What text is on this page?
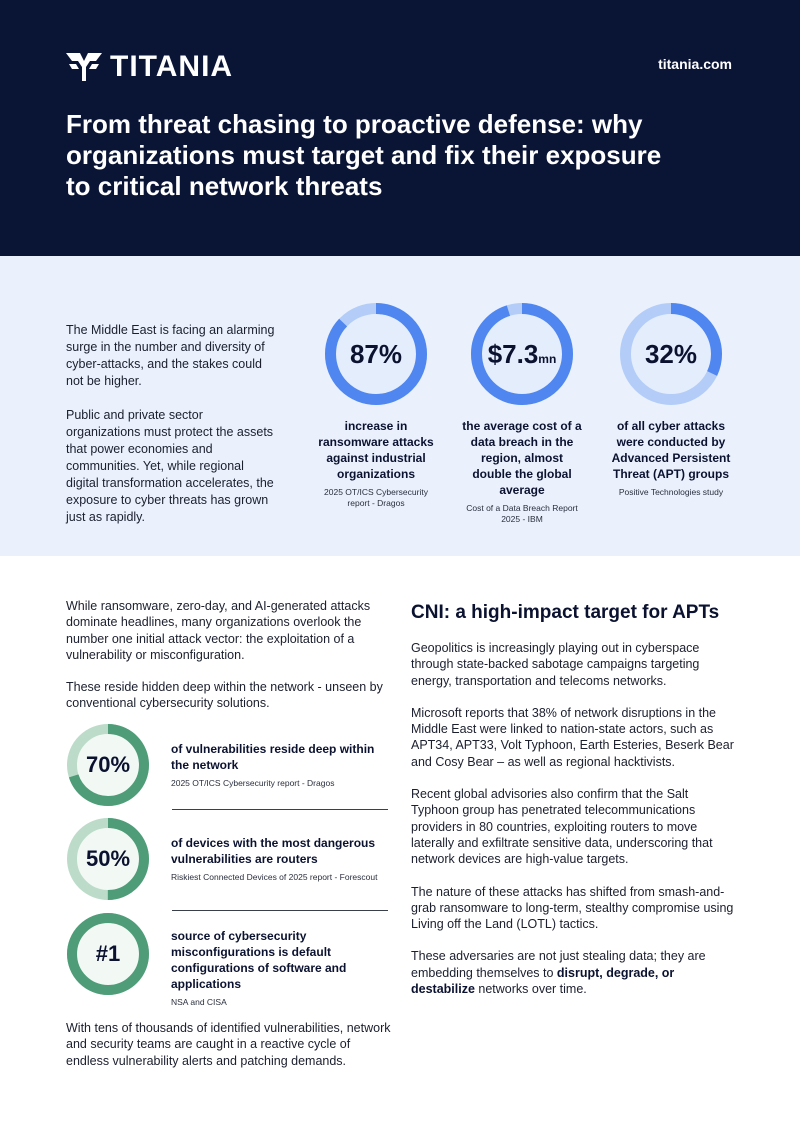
TITANIA	titania.com
From threat chasing to proactive defense: why organizations must target and fix their exposure to critical network threats

The Middle East is facing an alarming surge in the number and diversity of cyber-attacks, and the stakes could not be higher.

Public and private sector organizations must protect the assets that power economies and communities. Yet, while regional digital transformation accelerates, the exposure to cyber threats has grown just as rapidly.

87%
increase in ransomware attacks against industrial organizations
2025 OT/ICS Cybersecurity report - Dragos
$7.3 mn
the average cost of a data breach in the region, almost double the global average
Cost of a Data Breach Report 2025 - IBM
32%
of all cyber attacks were conducted by Advanced Persistent Threat (APT) groups
Positive Technologies study

While ransomware, zero-day, and AI-generated attacks dominate headlines, many organizations overlook the number one initial attack vector: the exploitation of a vulnerability or misconfiguration.

These reside hidden deep within the network - unseen by conventional cybersecurity solutions.

70%
of vulnerabilities reside deep within the network
2025 OT/ICS Cybersecurity report - Dragos
50%
of devices with the most dangerous vulnerabilities are routers
Riskiest Connected Devices of 2025 report - Forescout
#1
source of cybersecurity misconfigurations is default configurations of software and applications
NSA and CISA

With tens of thousands of identified vulnerabilities, network and security teams are caught in a reactive cycle of endless vulnerability alerts and patching demands.

CNI: a high-impact target for APTs

Geopolitics is increasingly playing out in cyberspace through state-backed sabotage campaigns targeting energy, transportation and telecoms networks.

Microsoft reports that 38% of network disruptions in the Middle East were linked to nation-state actors, such as APT34, APT33, Volt Typhoon, Earth Esteries, Beserk Bear and Cosy Bear – as well as regional hacktivists.

Recent global advisories also confirm that the Salt Typhoon group has penetrated telecommunications providers in 80 countries, exploiting routers to move laterally and exfiltrate sensitive data, underscoring that network devices are high-value targets.

The nature of these attacks has shifted from smash-and-grab ransomware to long-term, stealthy compromise using Living off the Land (LOTL) tactics.

These adversaries are not just stealing data; they are embedding themselves to disrupt, degrade, or destabilize networks over time.
